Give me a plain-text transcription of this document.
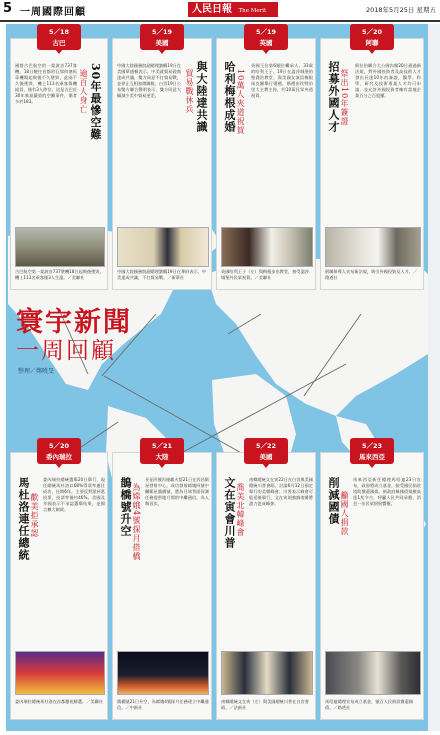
5 一周國際回顧	人民日報 The Merit	2018年5月25日 星期五
寰宇新聞
一周回顧
整理／鄭曉旻
30年最慘空難
逾百人身亡
國營古巴航空的一架波音737客機，18日駛往首都哈瓦那何塞馬蒂機場起飛後不久墜毀，此兩不久後墜毀，機上113名乘客與機組員，僅有3人倖存。這是古巴近30年來最嚴重的空難事件，傷者多於183。
古巴航空第一架波音737墜機18日起飛後墜毀，機上113名乘客僅3人生還。／美聯社
5／18
古巴
與大陸達共識
貿易戰休兵
中國大陸國務院副總理劉鶴19日在美國華盛頓表示，中美就貿易磋商達成共識，雙方同意不打貿易戰，並停止互相加徵關稅。白宮19日公布雙方聯合聲明表示，雙方同意大幅減少美中貿易逆差。
中國大陸國務院副總理劉鶴19日在華府表示，中美達成共識，不打貿易戰。／新華社
5／19
美國
哈利梅根成婚 10萬人夾道祝賀
英國王位第6順位繼承人、33歲的哈利王子，19日在溫莎城堡的聖喬治教堂，與美國女演員梅根馬克爾舉行婚禮。婚禮由坎特伯里大主教主持，約10萬民眾夾道祝賀。
英國哈利王子（左）與梅根步出教堂，接受溫莎城堡外民眾祝賀。／美聯社
5／19
英國
招募外國人才 祭出10年簽證
阿拉伯聯合大公國內閣20日通過新法規，對外國投資者及高技術人才發出長達10年的簽證，醫學、科學、研究及技術專業人才均可申請，並允許外國投資者擁有當地企業百分之百股權。
阿聯領導人宣布新法規，吸引外國投資及人才。／路透社
5／20
阿聯
馬杜洛連任總統 歡美拒承認
委內瑞拉總統選舉20日舉行，現任總統馬杜洛以68%得票率連任成功，任期6年。主要反對派杯葛投票，投票率僅約46%。美國及多國表示不承認選舉結果，並揚言擴大制裁。
委內瑞拉總統馬杜洛在首都慶祝勝選。／美聯社
5／20
委內瑞拉
鵲橋號升空 為嫦娥4號探月搭橋
長征四號丙運載火箭21日在西昌衛星發射中心，成功發射嫦娥四號中繼衛星鵲橋號，將為月球背面探測任務提供地月間的中繼通信，為人類首次。
鵲橋號21日升空，為嫦娥4號探月任務建立中繼通信。／中新社
5／21
大陸
文在寅會川普 喬美北韓峰會
南韓總統文在寅22日在白宮與美國總統川普會晤，討論6月12日預定舉行的美朝峰會。川普表示峰會可能延後舉行，文在寅則強調南韓將盡力促成峰會。
南韓總統文在寅（左）與美國總統川普在白宮會晤。／法新社
5／22
美國
削減國債 籲國人捐款
馬來西亞新任總理馬哈迪23日宣布，政府將成立基金，接受國民捐款協助償還國債。新政府稱國債規模高達1兆令吉，呼籲人民共同承擔，消息一出民眾紛紛響應。
馬哈迪總理宣布成立基金，號召人民捐款償還國債。／路透社
5／23
馬來西亞
